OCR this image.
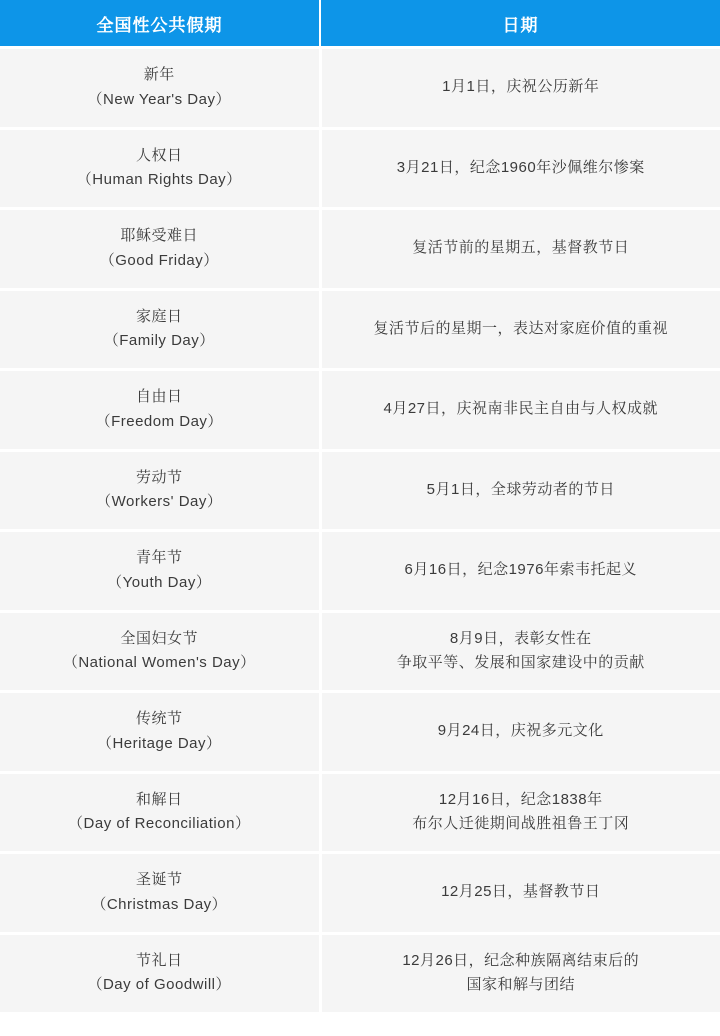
全国性公共假期	日期

新年
（New Year's Day）	1月1日，庆祝公历新年

人权日
（Human Rights Day）	3月21日，纪念1960年沙佩维尔惨案

耶稣受难日
（Good Friday）	复活节前的星期五，基督教节日

家庭日
（Family Day）	复活节后的星期一，表达对家庭价值的重视

自由日
（Freedom Day）	4月27日，庆祝南非民主自由与人权成就

劳动节
（Workers' Day）	5月1日，全球劳动者的节日

青年节
（Youth Day）	6月16日，纪念1976年索韦托起义

全国妇女节
（National Women's Day）	8月9日，表彰女性在
争取平等、发展和国家建设中的贡献

传统节
（Heritage Day）	9月24日，庆祝多元文化

和解日
（Day of Reconciliation）	12月16日，纪念1838年
布尔人迁徙期间战胜祖鲁王丁冈

圣诞节
（Christmas Day）	12月25日，基督教节日

节礼日
（Day of Goodwill）	12月26日，纪念种族隔离结束后的
国家和解与团结
